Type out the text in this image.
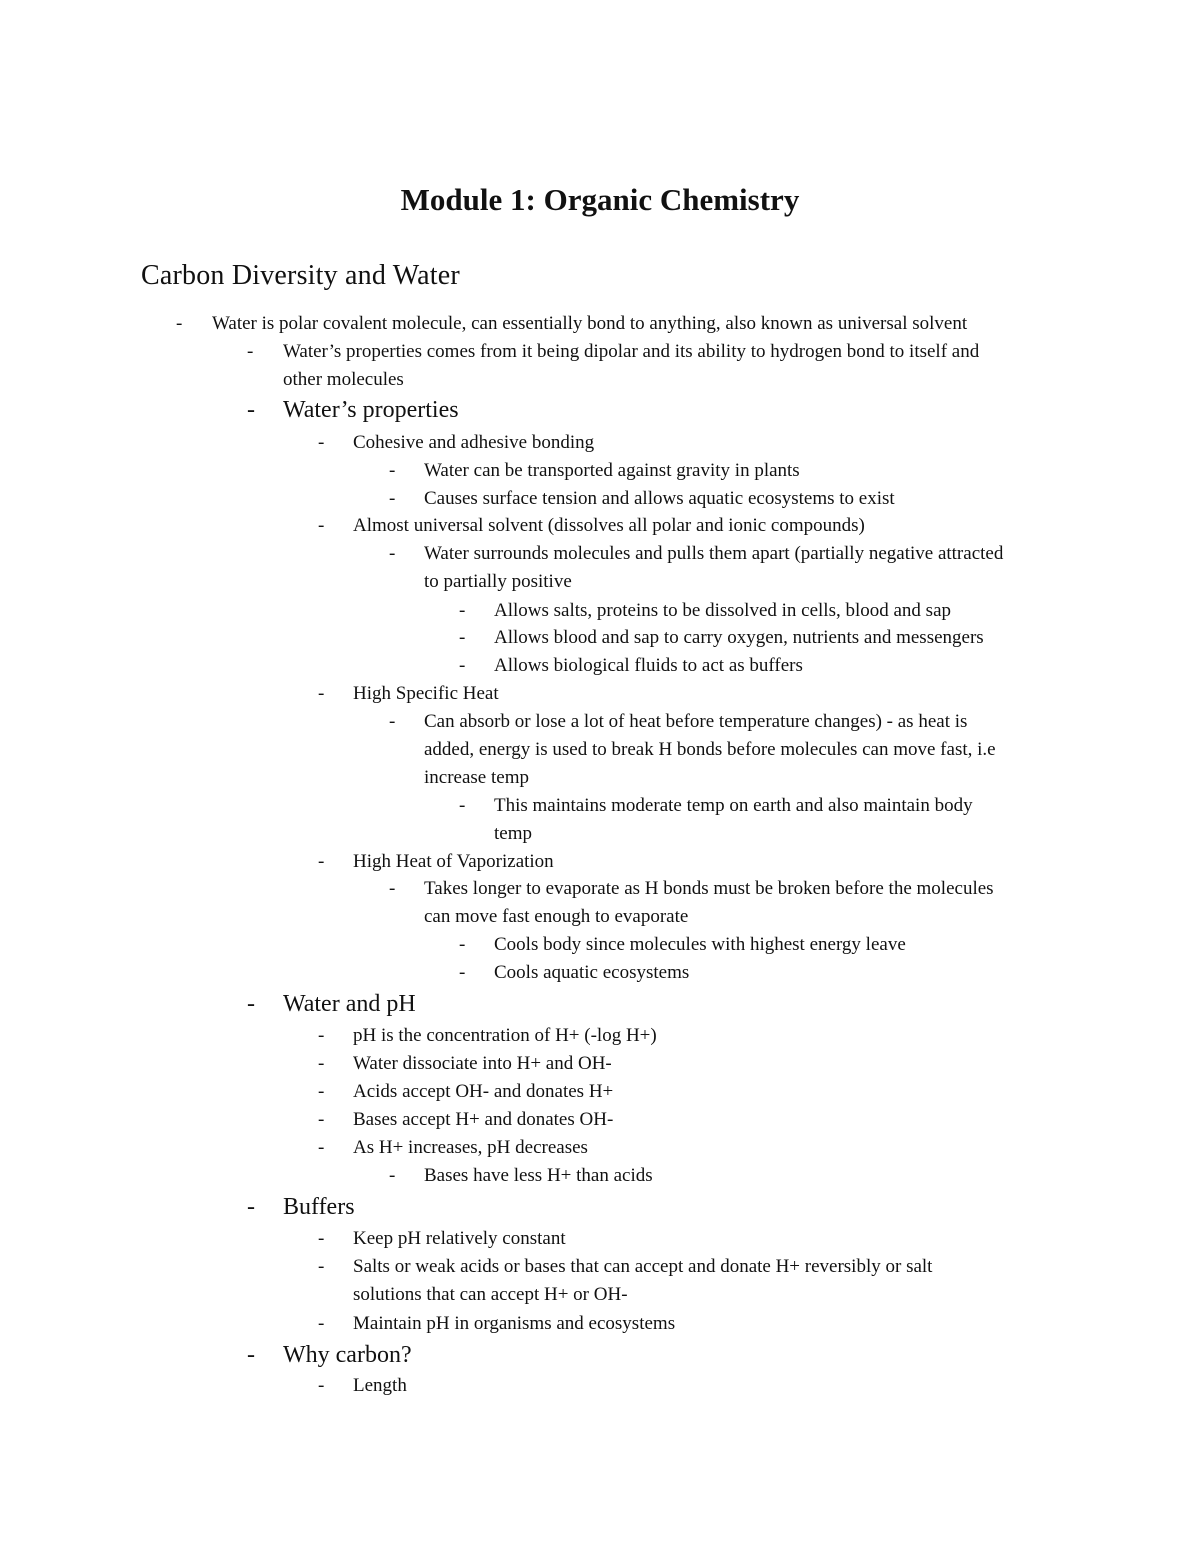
Module 1: Organic Chemistry
Carbon Diversity and Water
- Water is polar covalent molecule, can essentially bond to anything, also known as universal solvent
- Water’s properties comes from it being dipolar and its ability to hydrogen bond to itself and
other molecules
- Water’s properties
- Cohesive and adhesive bonding
- Water can be transported against gravity in plants
- Causes surface tension and allows aquatic ecosystems to exist
- Almost universal solvent (dissolves all polar and ionic compounds)
- Water surrounds molecules and pulls them apart (partially negative attracted
to partially positive
- Allows salts, proteins to be dissolved in cells, blood and sap
- Allows blood and sap to carry oxygen, nutrients and messengers
- Allows biological fluids to act as buffers
- High Specific Heat
- Can absorb or lose a lot of heat before temperature changes) - as heat is
added, energy is used to break H bonds before molecules can move fast, i.e
increase temp
- This maintains moderate temp on earth and also maintain body
temp
- High Heat of Vaporization
- Takes longer to evaporate as H bonds must be broken before the molecules
can move fast enough to evaporate
- Cools body since molecules with highest energy leave
- Cools aquatic ecosystems
- Water and pH
- pH is the concentration of H+ (-log H+)
- Water dissociate into H+ and OH-
- Acids accept OH- and donates H+
- Bases accept H+ and donates OH-
- As H+ increases, pH decreases
- Bases have less H+ than acids
- Buffers
- Keep pH relatively constant
- Salts or weak acids or bases that can accept and donate H+ reversibly or salt
solutions that can accept H+ or OH-
- Maintain pH in organisms and ecosystems
- Why carbon?
- Length
